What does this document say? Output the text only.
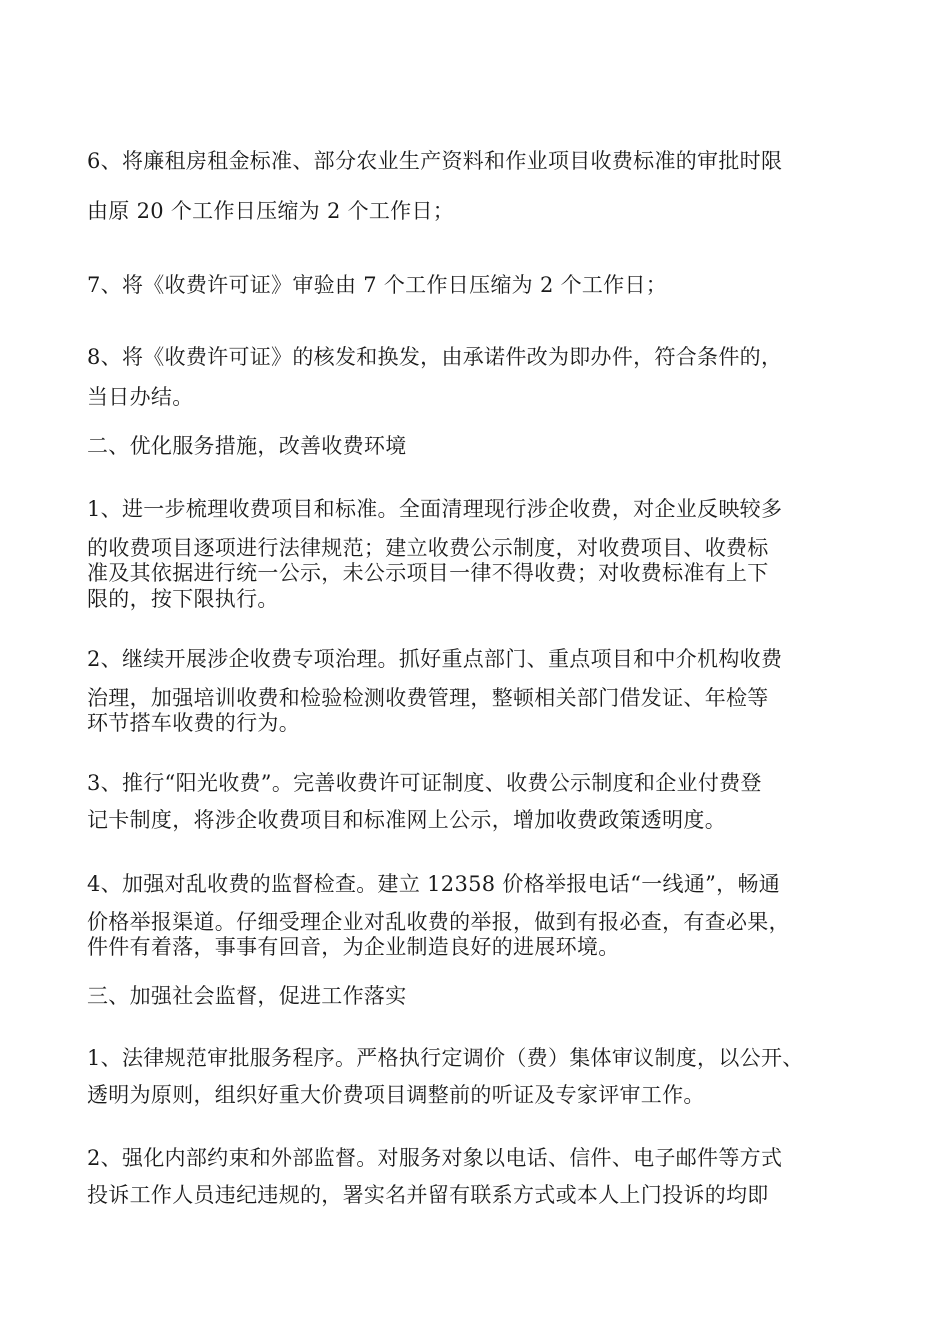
6、将廉租房租金标准、部分农业生产资料和作业项目收费标准的审批时限
由原 20 个工作日压缩为 2 个工作日；
7、将《收费许可证》审验由 7 个工作日压缩为 2 个工作日；
8、将《收费许可证》的核发和换发，由承诺件改为即办件，符合条件的，
当日办结。
二、优化服务措施，改善收费环境
1、进一步梳理收费项目和标准。全面清理现行涉企收费，对企业反映较多
的收费项目逐项进行法律规范；建立收费公示制度，对收费项目、收费标
准及其依据进行统一公示，未公示项目一律不得收费；对收费标准有上下
限的，按下限执行。
2、继续开展涉企收费专项治理。抓好重点部门、重点项目和中介机构收费
治理，加强培训收费和检验检测收费管理，整顿相关部门借发证、年检等
环节搭车收费的行为。
3、推行“阳光收费”。完善收费许可证制度、收费公示制度和企业付费登
记卡制度，将涉企收费项目和标准网上公示，增加收费政策透明度。
4、加强对乱收费的监督检查。建立 12358 价格举报电话“一线通”，畅通
价格举报渠道。仔细受理企业对乱收费的举报，做到有报必查，有查必果，
件件有着落，事事有回音，为企业制造良好的进展环境。
三、加强社会监督，促进工作落实
1、法律规范审批服务程序。严格执行定调价（费）集体审议制度，以公开、
透明为原则，组织好重大价费项目调整前的听证及专家评审工作。
2、强化内部约束和外部监督。对服务对象以电话、信件、电子邮件等方式
投诉工作人员违纪违规的，署实名并留有联系方式或本人上门投诉的均即
